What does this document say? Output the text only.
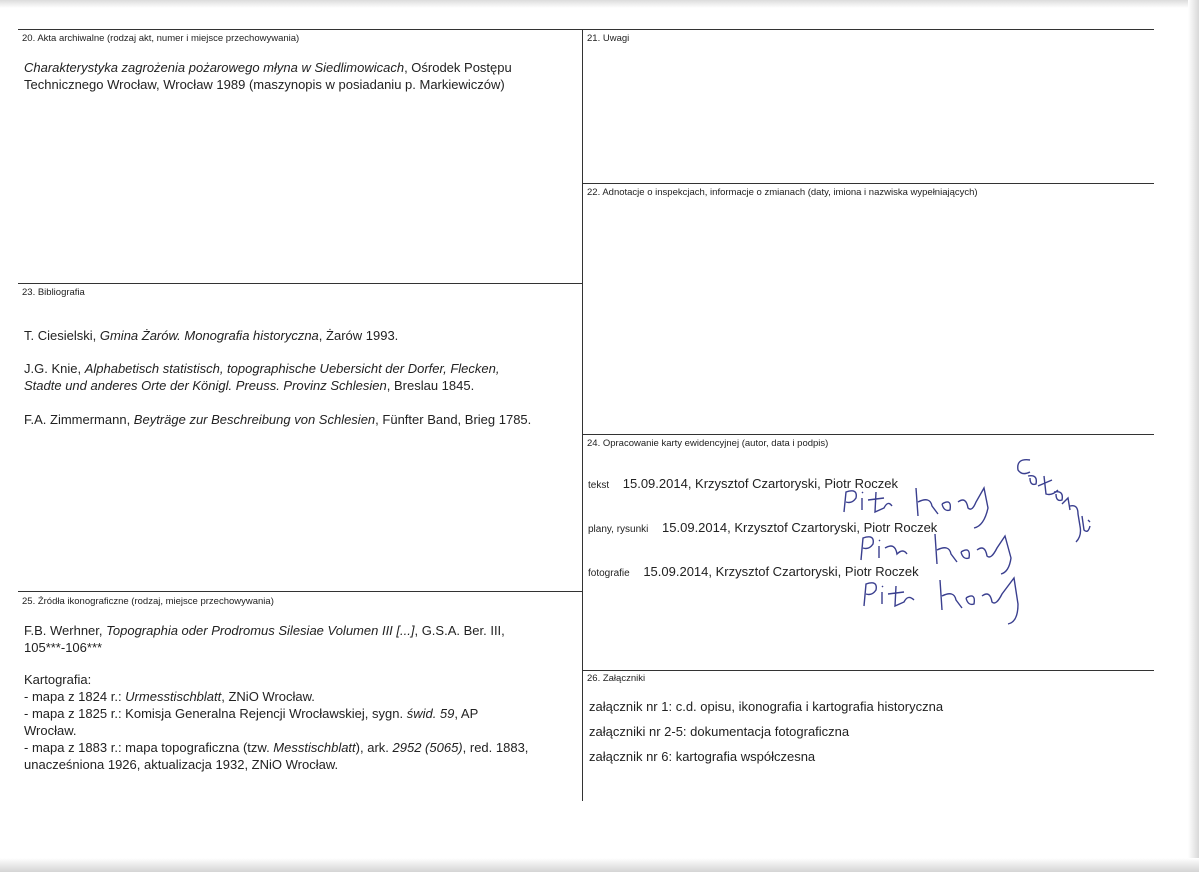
20. Akta archiwalne (rodzaj akt, numer i miejsce przechowywania)
Charakterystyka zagrożenia pożarowego młyna w Siedlimowicach, Ośrodek Postępu
Technicznego Wrocław, Wrocław 1989 (maszynopis w posiadaniu p. Markiewiczów)
21. Uwagi
22. Adnotacje o inspekcjach, informacje o zmianach (daty, imiona i nazwiska wypełniających)
23. Bibliografia
T. Ciesielski, Gmina Żarów. Monografia historyczna, Żarów 1993.
J.G. Knie, Alphabetisch statistisch, topographische Uebersicht der Dorfer, Flecken,
Stadte und anderes Orte der Königl. Preuss. Provinz Schlesien, Breslau 1845.
F.A. Zimmermann, Beyträge zur Beschreibung von Schlesien, Fünfter Band, Brieg 1785.
24. Opracowanie karty ewidencyjnej (autor, data i podpis)
tekst 15.09.2014, Krzysztof Czartoryski, Piotr Roczek
plany, rysunki 15.09.2014, Krzysztof Czartoryski, Piotr Roczek
fotografie 15.09.2014, Krzysztof Czartoryski, Piotr Roczek
25. Źródła ikonograficzne (rodzaj, miejsce przechowywania)
F.B. Werhner, Topographia oder Prodromus Silesiae Volumen III [...], G.S.A. Ber. III,
105***-106***
Kartografia:
- mapa z 1824 r.: Urmesstischblatt, ZNiO Wrocław.
- mapa z 1825 r.: Komisja Generalna Rejencji Wrocławskiej, sygn. świd. 59, AP
Wrocław.
- mapa z 1883 r.: mapa topograficzna (tzw. Messtischblatt), ark. 2952 (5065), red. 1883,
unacześniona 1926, aktualizacja 1932, ZNiO Wrocław.
26. Załączniki
załącznik nr 1: c.d. opisu, ikonografia i kartografia historyczna
załączniki nr 2-5: dokumentacja fotograficzna
załącznik nr 6: kartografia współczesna
